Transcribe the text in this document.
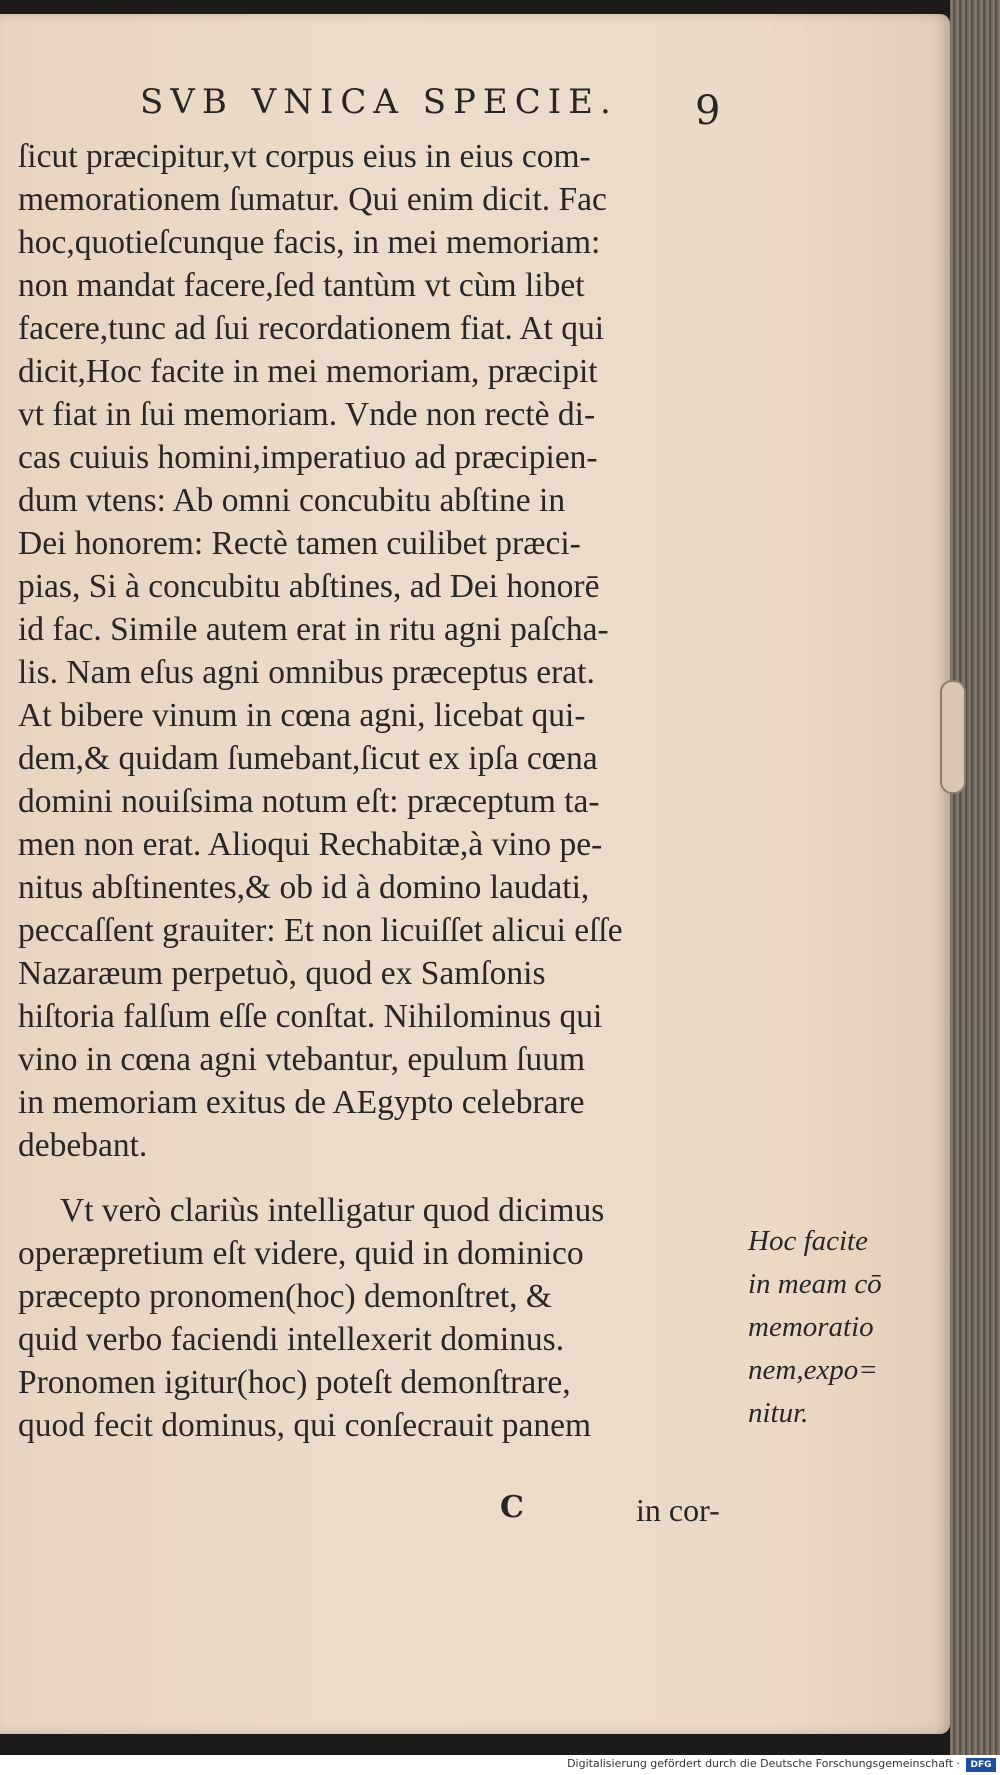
SVB VNICA SPECIE.	9
ſicut præcipitur,vt corpus eius in eius com-
memorationem ſumatur. Qui enim dicit. Fac
hoc,quotieſcunque facis, in mei memoriam:
non mandat facere,ſed tantùm vt cùm libet
facere,tunc ad ſui recordationem fiat. At qui
dicit,Hoc facite in mei memoriam, præcipit
vt fiat in ſui memoriam. Vnde non rectè di-
cas cuiuis homini,imperatiuo ad præcipien-
dum vtens: Ab omni concubitu abſtine in
Dei honorem: Rectè tamen cuilibet præci-
pias, Si à concubitu abſtines, ad Dei honorē
id fac. Simile autem erat in ritu agni paſcha-
lis. Nam eſus agni omnibus præceptus erat.
At bibere vinum in cœna agni, licebat qui-
dem,& quidam ſumebant,ſicut ex ipſa cœna
domini nouiſsima notum eſt: præceptum ta-
men non erat. Alioqui Rechabitæ,à vino pe-
nitus abſtinentes,& ob id à domino laudati,
peccaſſent grauiter: Et non licuiſſet alicui eſſe
Nazaræum perpetuò, quod ex Samſonis
hiſtoria falſum eſſe conſtat. Nihilominus qui
vino in cœna agni vtebantur, epulum ſuum
in memoriam exitus de AEgypto celebrare
debebant.
Vt verò clariùs intelligatur quod dicimus
operæpretium eſt videre, quid in dominico
præcepto pronomen(hoc) demonſtret, &
quid verbo faciendi intellexerit dominus.
Pronomen igitur(hoc) poteſt demonſtrare,
quod fecit dominus, qui conſecrauit panem
Hoc facite
in meam cō
memoratio
nem,expo=
nitur.
C	in cor-
Digitalisierung gefördert durch die Deutsche Forschungsgemeinschaft ·	DFG
